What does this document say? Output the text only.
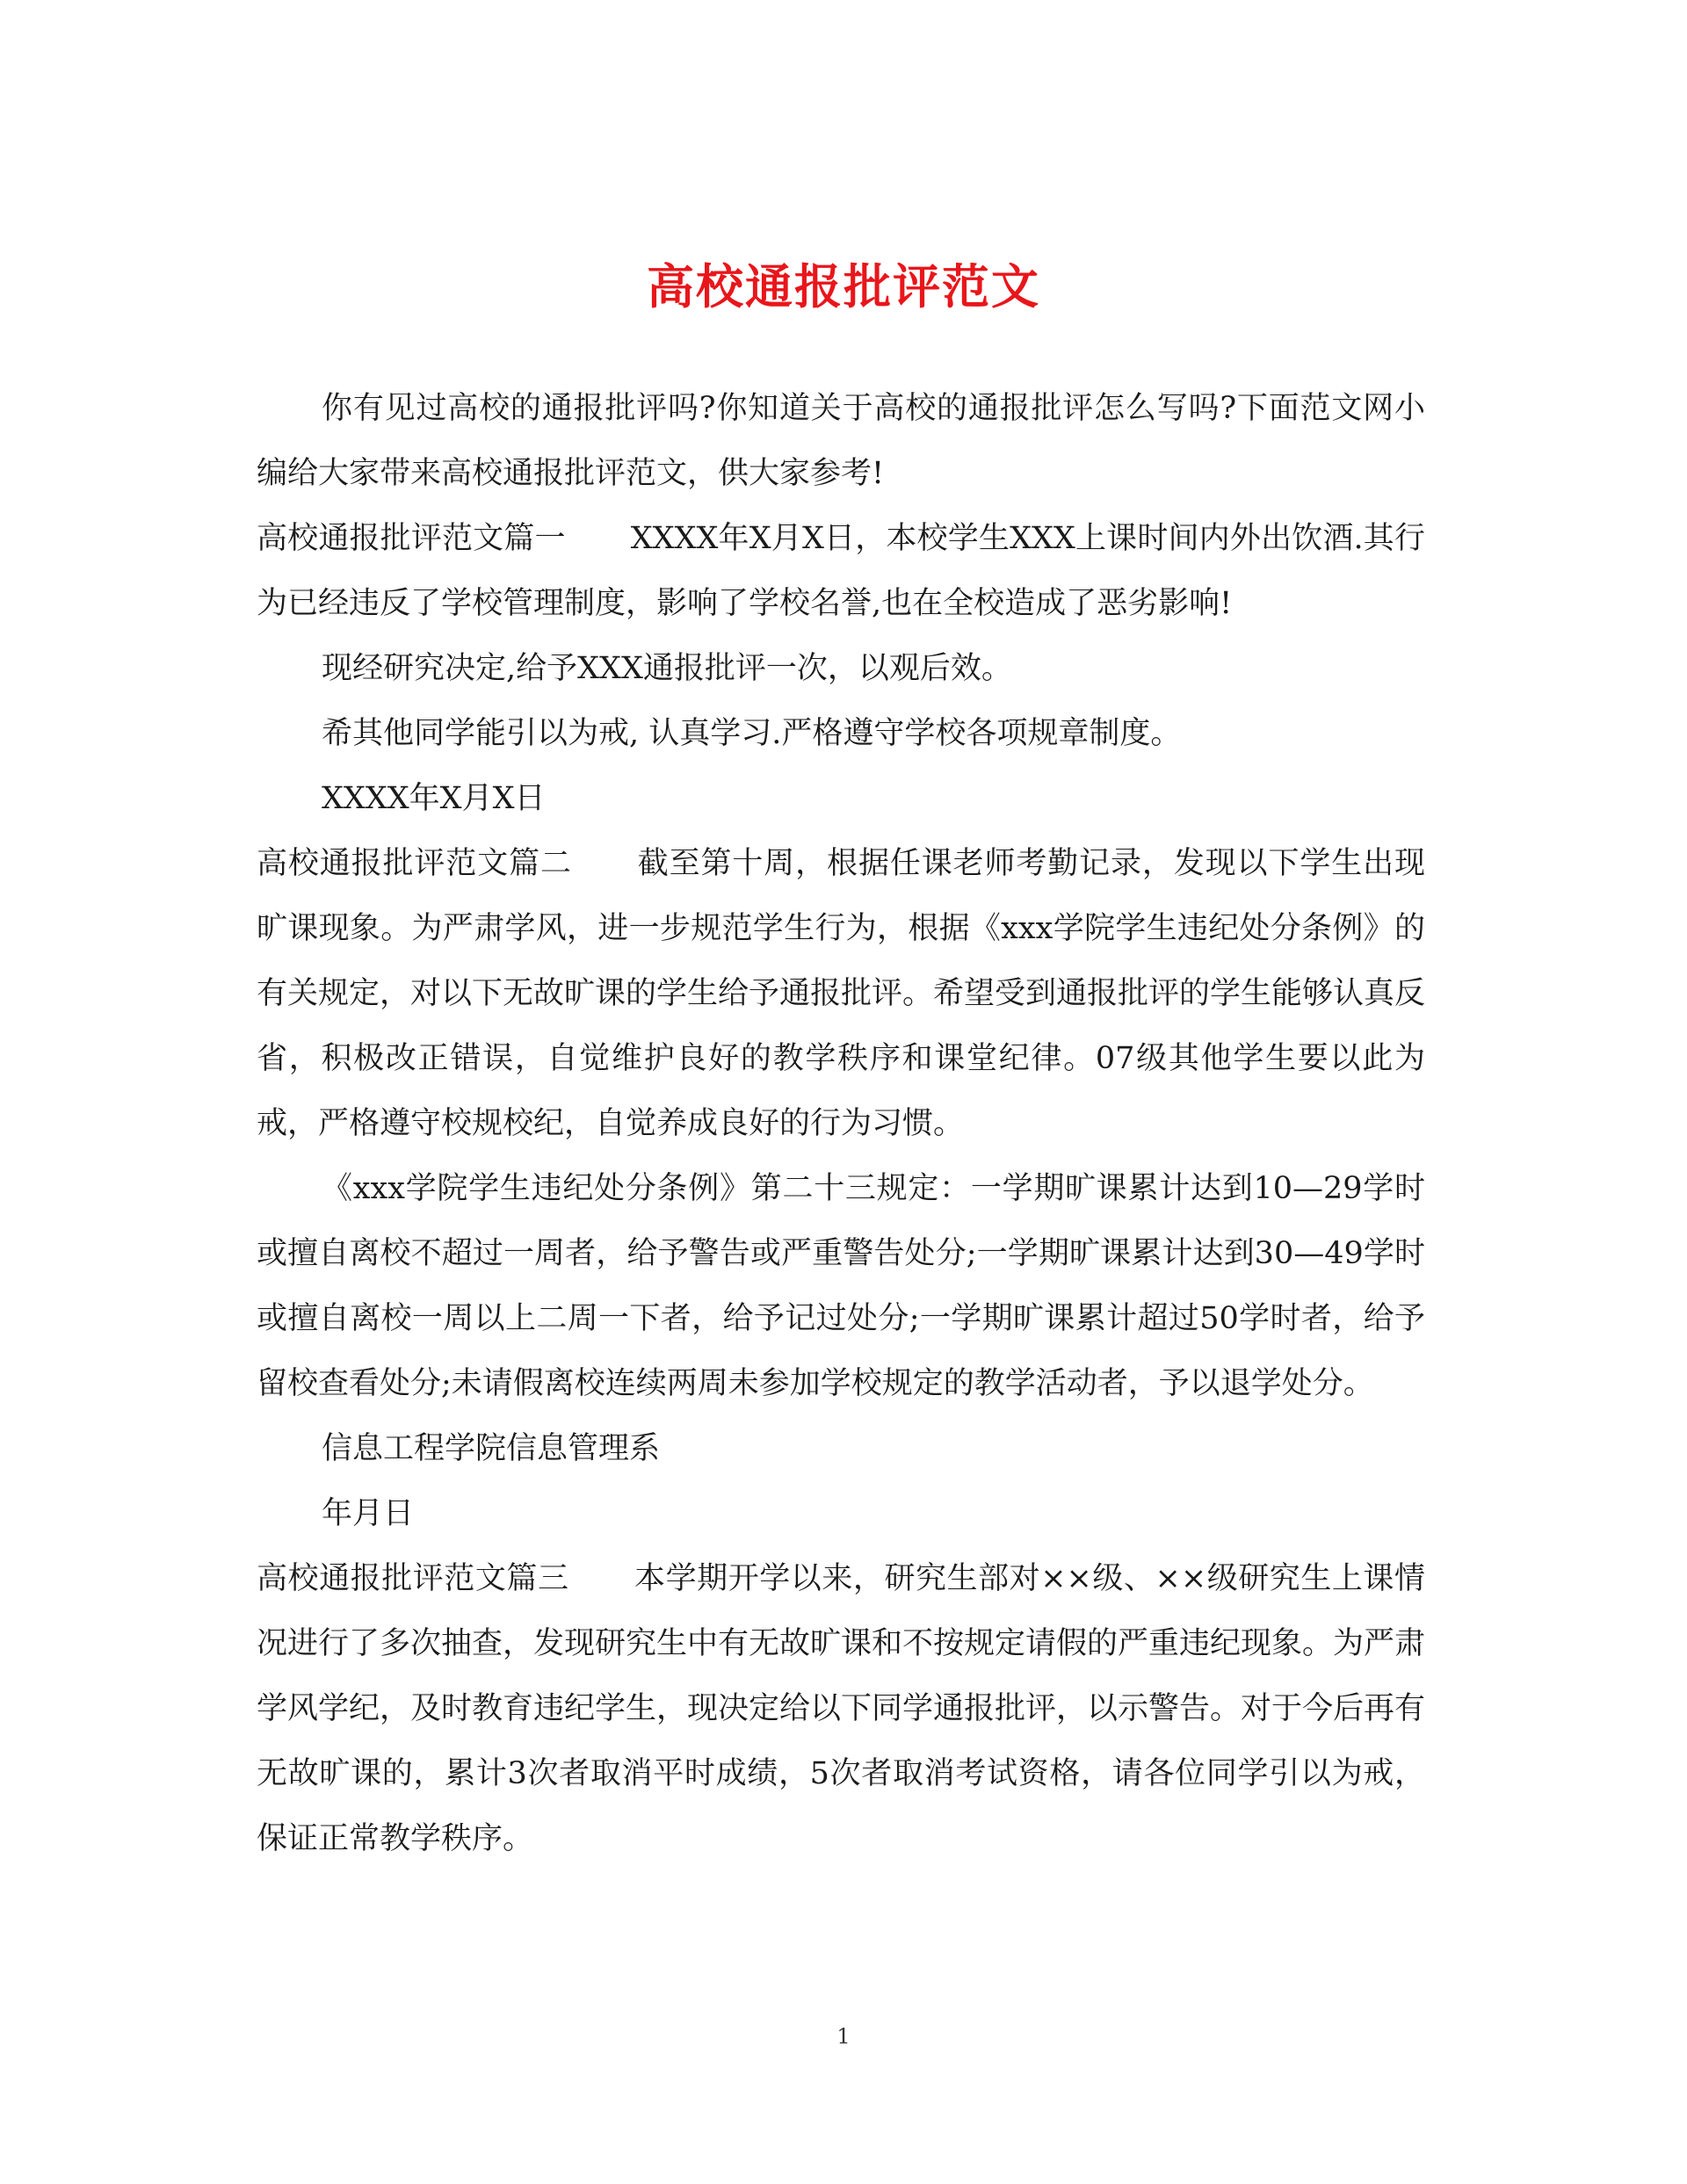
高校通报批评范文

你有见过高校的通报批评吗?你知道关于高校的通报批评怎么写吗?下面范文网小编给大家带来高校通报批评范文，供大家参考!

高校通报批评范文篇一 XXXX年X月X日，本校学生XXX上课时间内外出饮酒.其行为已经违反了学校管理制度，影响了学校名誉,也在全校造成了恶劣影响!

现经研究决定,给予XXX通报批评一次，以观后效。

希其他同学能引以为戒, 认真学习.严格遵守学校各项规章制度。

XXXX年X月X日

高校通报批评范文篇二 截至第十周，根据任课老师考勤记录，发现以下学生出现旷课现象。为严肃学风，进一步规范学生行为，根据《xxx学院学生违纪处分条例》的有关规定，对以下无故旷课的学生给予通报批评。希望受到通报批评的学生能够认真反省，积极改正错误，自觉维护良好的教学秩序和课堂纪律。07级其他学生要以此为戒，严格遵守校规校纪，自觉养成良好的行为习惯。

《xxx学院学生违纪处分条例》第二十三规定：一学期旷课累计达到10—29学时或擅自离校不超过一周者，给予警告或严重警告处分;一学期旷课累计达到30—49学时或擅自离校一周以上二周一下者，给予记过处分;一学期旷课累计超过50学时者，给予留校查看处分;未请假离校连续两周未参加学校规定的教学活动者，予以退学处分。

信息工程学院信息管理系

年月日

高校通报批评范文篇三 本学期开学以来，研究生部对××级、××级研究生上课情况进行了多次抽查，发现研究生中有无故旷课和不按规定请假的严重违纪现象。为严肃学风学纪，及时教育违纪学生，现决定给以下同学通报批评，以示警告。对于今后再有无故旷课的，累计3次者取消平时成绩，5次者取消考试资格，请各位同学引以为戒，保证正常教学秩序。

1
